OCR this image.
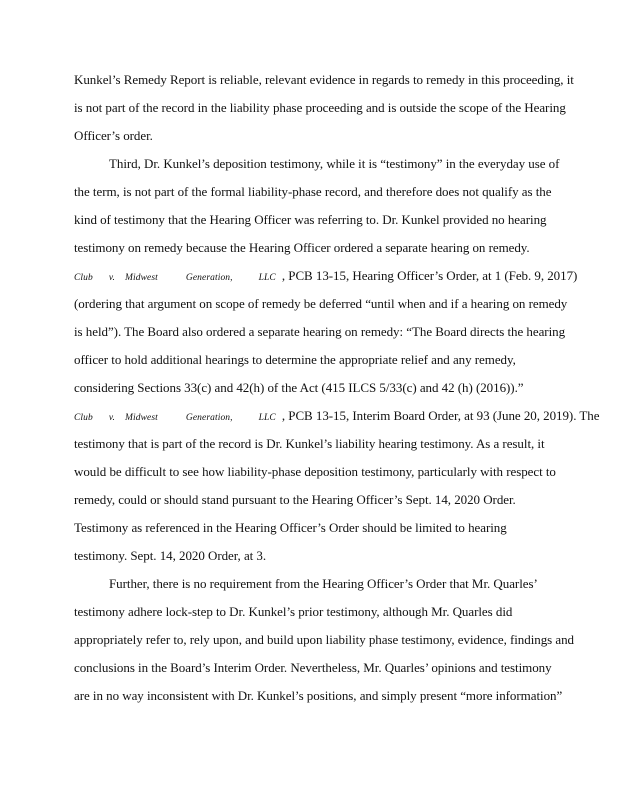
Kunkel’s Remedy Report is reliable, relevant evidence in regards to remedy in this proceeding, it
is not part of the record in the liability phase proceeding and is outside the scope of the Hearing
Officer’s order.
Third, Dr. Kunkel’s deposition testimony, while it is “testimony” in the everyday use of
the term, is not part of the formal liability-phase record, and therefore does not qualify as the
kind of testimony that the Hearing Officer was referring to. Dr. Kunkel provided no hearing
testimony on remedy because the Hearing Officer ordered a separate hearing on remedy.
Club v. Midwest	Generation,	LLC , PCB 13-15, Hearing Officer’s Order, at 1 (Feb. 9, 2017)
(ordering that argument on scope of remedy be deferred “until when and if a hearing on remedy
is held”). The Board also ordered a separate hearing on remedy: “The Board directs the hearing
officer to hold additional hearings to determine the appropriate relief and any remedy,
considering Sections 33(c) and 42(h) of the Act (415 ILCS 5/33(c) and 42 (h) (2016)).”
Club v. Midwest	Generation,	LLC , PCB 13-15, Interim Board Order, at 93 (June 20, 2019). The
testimony that is part of the record is Dr. Kunkel’s liability hearing testimony. As a result, it
would be difficult to see how liability-phase deposition testimony, particularly with respect to
remedy, could or should stand pursuant to the Hearing Officer’s Sept. 14, 2020 Order.
Testimony as referenced in the Hearing Officer’s Order should be limited to hearing
testimony. Sept. 14, 2020 Order, at 3.
Further, there is no requirement from the Hearing Officer’s Order that Mr. Quarles’
testimony adhere lock-step to Dr. Kunkel’s prior testimony, although Mr. Quarles did
appropriately refer to, rely upon, and build upon liability phase testimony, evidence, findings and
conclusions in the Board’s Interim Order. Nevertheless, Mr. Quarles’ opinions and testimony
are in no way inconsistent with Dr. Kunkel’s positions, and simply present “more information”
